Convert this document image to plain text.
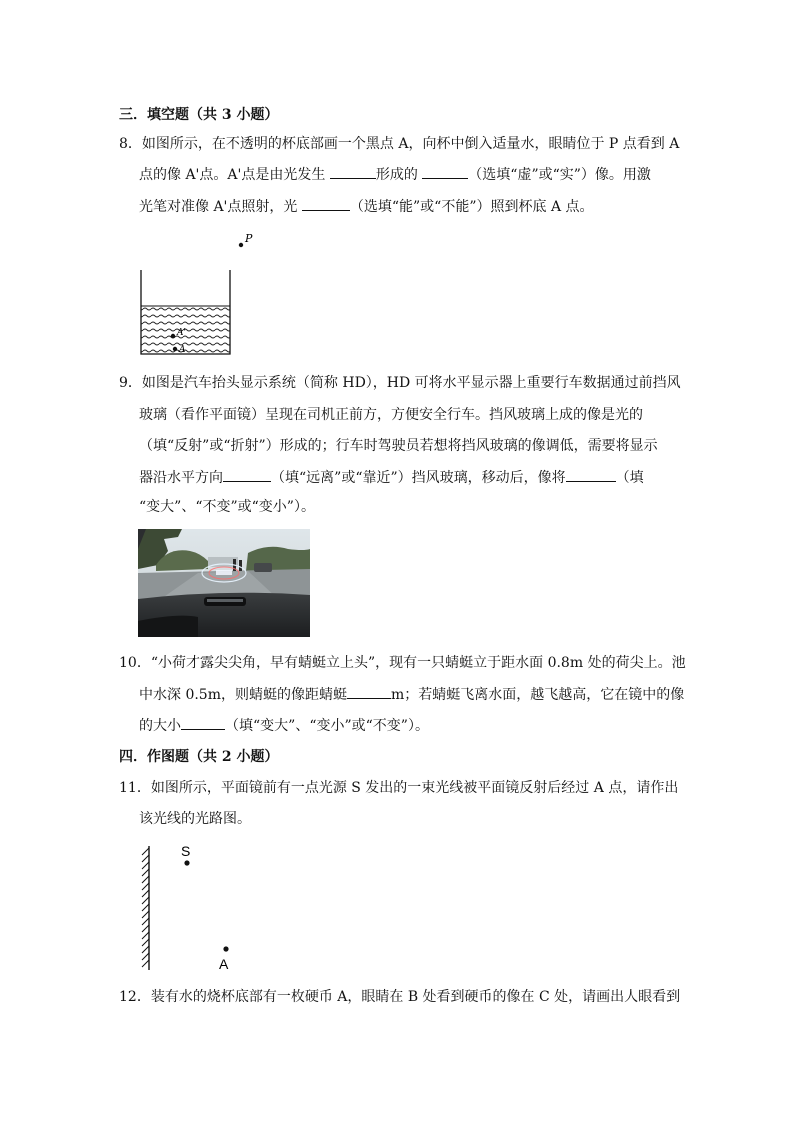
三．填空题（共 3 小题）
8．如图所示，在不透明的杯底部画一个黑点 A，向杯中倒入适量水，眼睛位于 P 点看到 A
点的像 A'点。A'点是由光发生	形成的	（选填“虚”或“实”）像。用激
光笔对准像 A'点照射，光	（选填“能”或“不能”）照到杯底 A 点。
P
A'
A
9．如图是汽车抬头显示系统（简称 HD），HD 可将水平显示器上重要行车数据通过前挡风
玻璃（看作平面镜）呈现在司机正前方，方便安全行车。挡风玻璃上成的像是光的
（填“反射”或“折射”）形成的；行车时驾驶员若想将挡风玻璃的像调低，需要将显示
器沿水平方向	（填“远离”或“靠近”）挡风玻璃，移动后，像将	（填
“变大”、“不变”或“变小”）。
10．“小荷才露尖尖角，早有蜻蜓立上头”，现有一只蜻蜓立于距水面 0.8m 处的荷尖上。池
中水深 0.5m，则蜻蜓的像距蜻蜓	m；若蜻蜓飞离水面，越飞越高，它在镜中的像
的大小	（填“变大”、“变小”或“不变”）。
四．作图题（共 2 小题）
11．如图所示，平面镜前有一点光源 S 发出的一束光线被平面镜反射后经过 A 点，请作出
该光线的光路图。
S
A
12．装有水的烧杯底部有一枚硬币 A，眼睛在 B 处看到硬币的像在 C 处，请画出人眼看到
